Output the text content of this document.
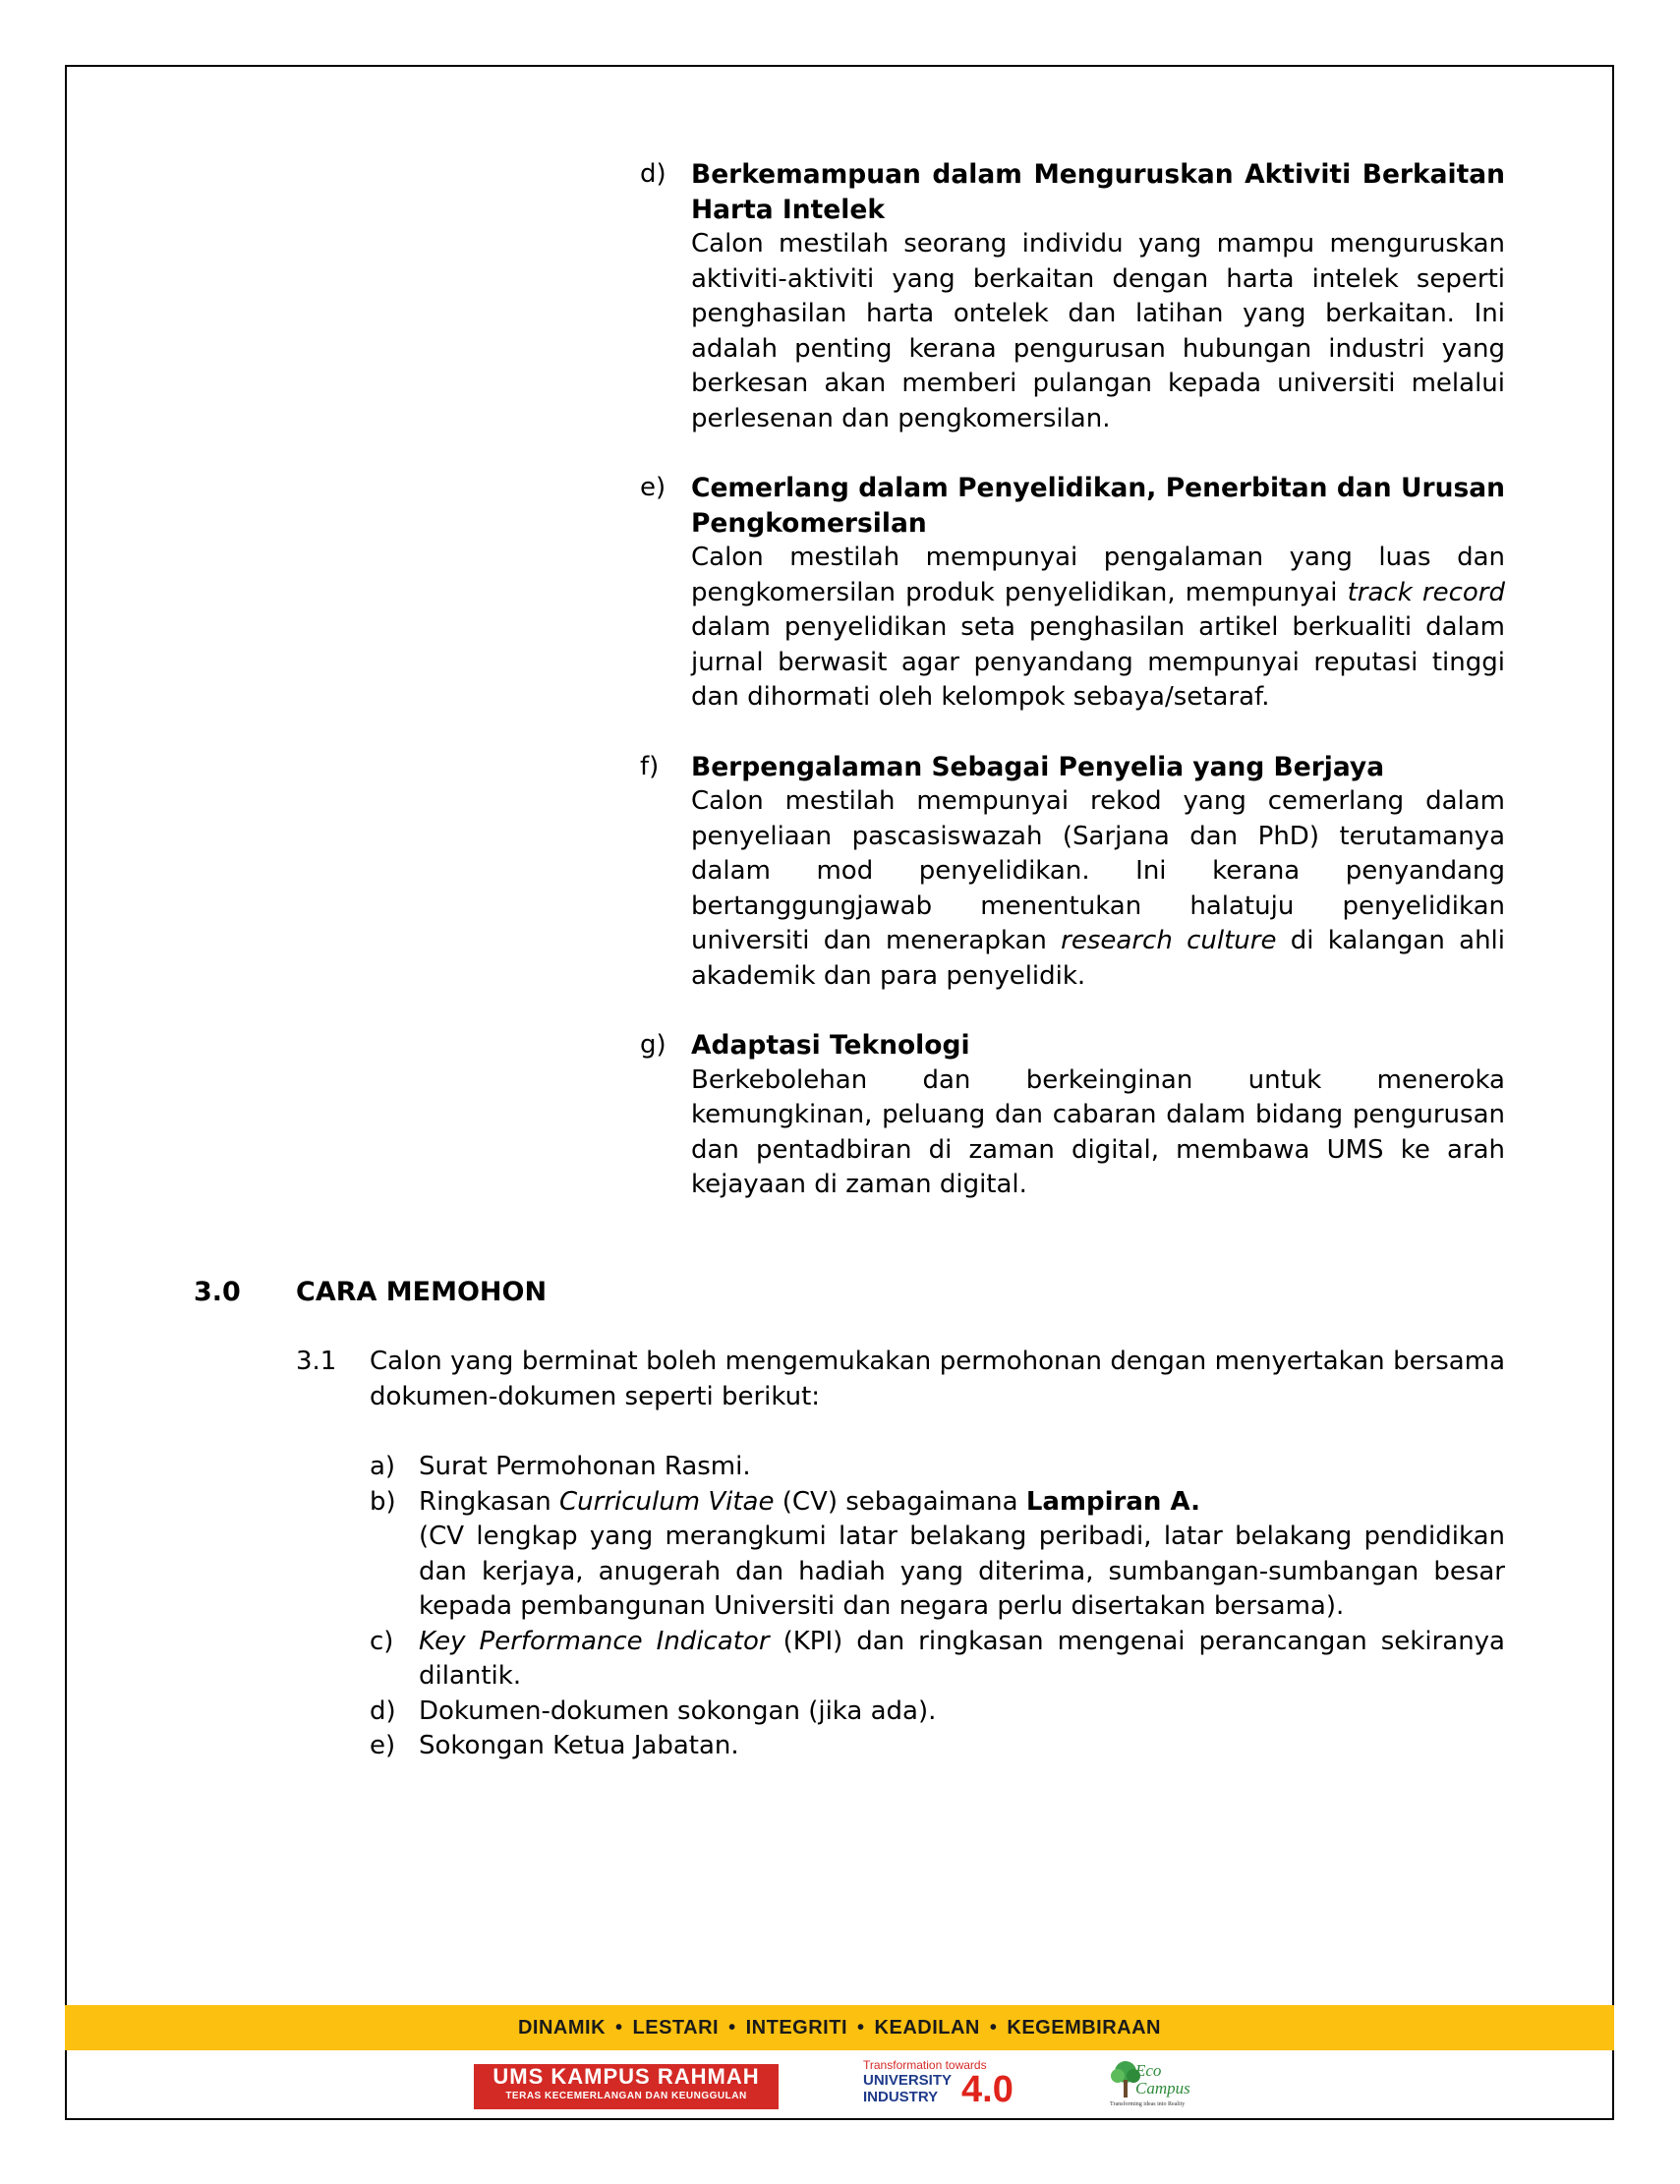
d) Berkemampuan dalam Menguruskan Aktiviti Berkaitan Harta Intelek
Calon mestilah seorang individu yang mampu menguruskan aktiviti-aktiviti yang berkaitan dengan harta intelek seperti penghasilan harta ontelek dan latihan yang berkaitan. Ini adalah penting kerana pengurusan hubungan industri yang berkesan akan memberi pulangan kepada universiti melalui perlesenan dan pengkomersilan.
e) Cemerlang dalam Penyelidikan, Penerbitan dan Urusan Pengkomersilan
Calon mestilah mempunyai pengalaman yang luas dan pengkomersilan produk penyelidikan, mempunyai track record dalam penyelidikan seta penghasilan artikel berkualiti dalam jurnal berwasit agar penyandang mempunyai reputasi tinggi dan dihormati oleh kelompok sebaya/setaraf.
f) Berpengalaman Sebagai Penyelia yang Berjaya
Calon mestilah mempunyai rekod yang cemerlang dalam penyeliaan pascasiswazah (Sarjana dan PhD) terutamanya dalam mod penyelidikan. Ini kerana penyandang bertanggungjawab menentukan halatuju penyelidikan universiti dan menerapkan research culture di kalangan ahli akademik dan para penyelidik.
g) Adaptasi Teknologi
Berkebolehan dan berkeinginan untuk meneroka kemungkinan, peluang dan cabaran dalam bidang pengurusan dan pentadbiran di zaman digital, membawa UMS ke arah kejayaan di zaman digital.
3.0 CARA MEMOHON
3.1 Calon yang berminat boleh mengemukakan permohonan dengan menyertakan bersama dokumen-dokumen seperti berikut:
a) Surat Permohonan Rasmi.
b) Ringkasan Curriculum Vitae (CV) sebagaimana Lampiran A.
(CV lengkap yang merangkumi latar belakang peribadi, latar belakang pendidikan dan kerjaya, anugerah dan hadiah yang diterima, sumbangan-sumbangan besar kepada pembangunan Universiti dan negara perlu disertakan bersama).
c) Key Performance Indicator (KPI) dan ringkasan mengenai perancangan sekiranya dilantik.
d) Dokumen-dokumen sokongan (jika ada).
e) Sokongan Ketua Jabatan.
DINAMIK • LESTARI • INTEGRITI • KEADILAN • KEGEMBIRAAN
UMS KAMPUS RAHMAH
TERAS KECEMERLANGAN DAN KEUNGGULAN
Transformation towards
UNIVERSITY
INDUSTRY 4.0	Eco Campus
Transforming ideas into Reality
